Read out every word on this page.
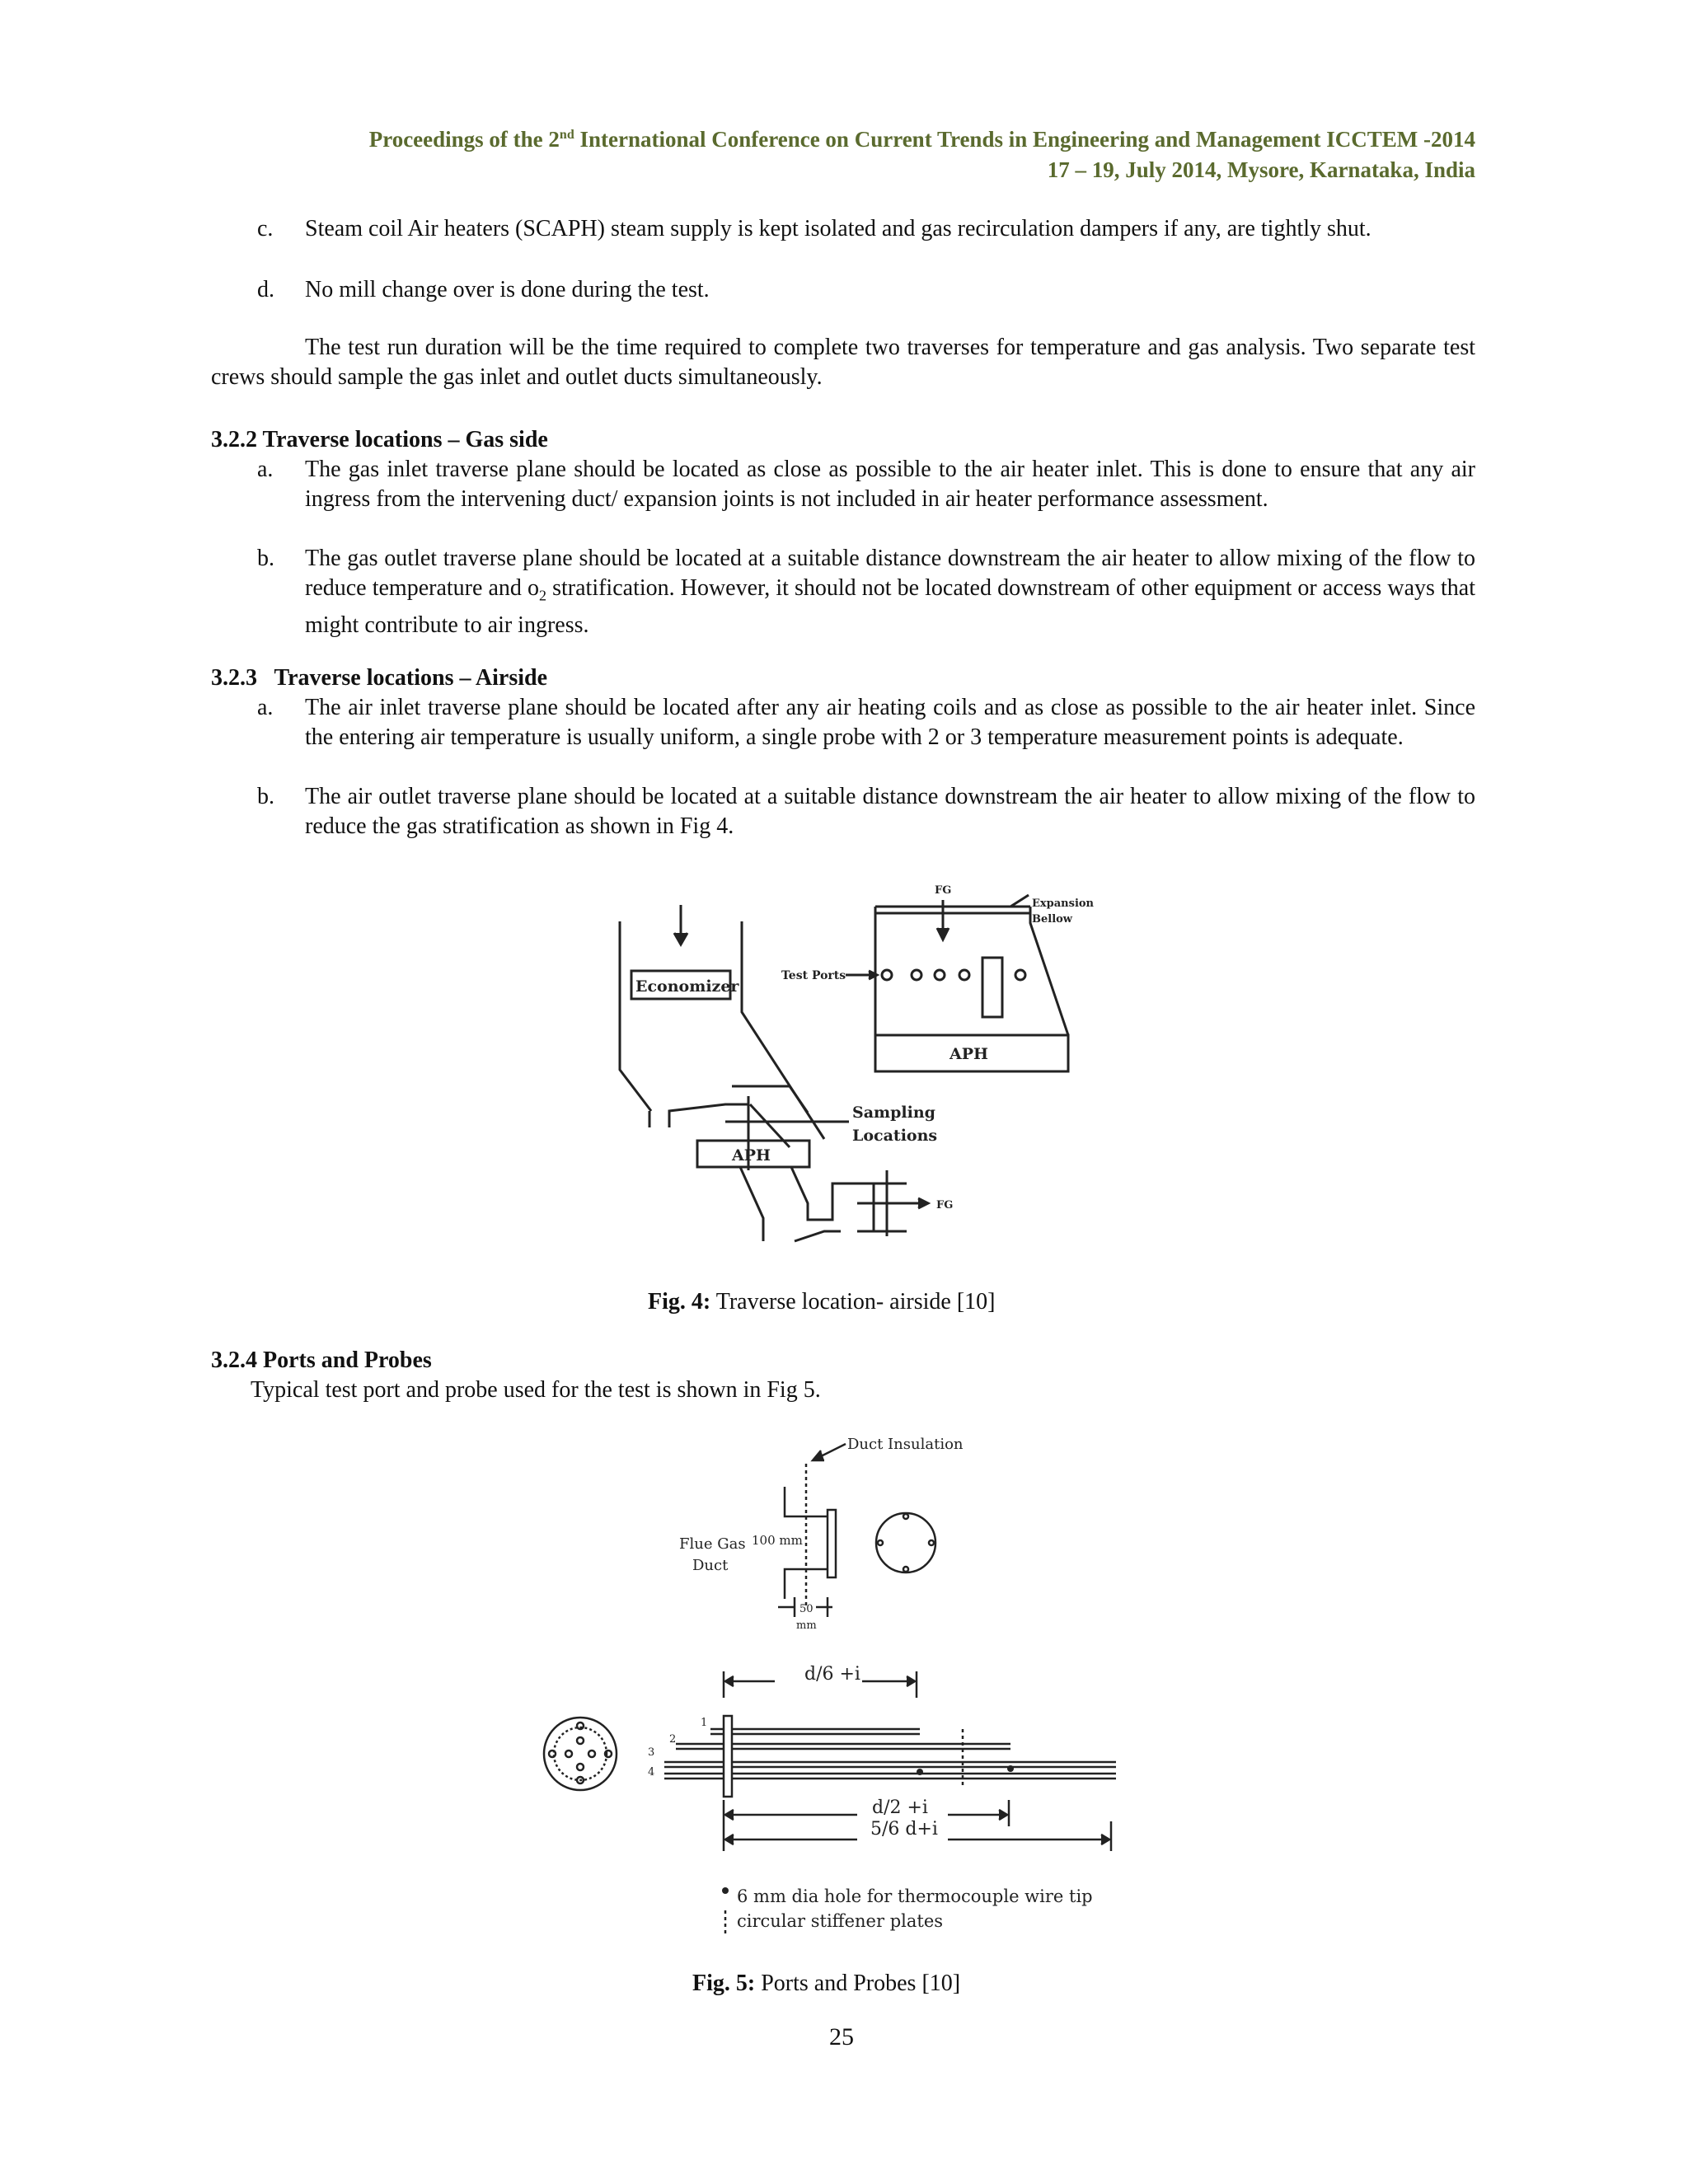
Proceedings of the 2nd International Conference on Current Trends in Engineering and Management ICCTEM -2014
17 – 19, July 2014, Mysore, Karnataka, India
c. Steam coil Air heaters (SCAPH) steam supply is kept isolated and gas recirculation dampers if any, are tightly shut.
d. No mill change over is done during the test.
The test run duration will be the time required to complete two traverses for temperature and gas analysis. Two separate test crews should sample the gas inlet and outlet ducts simultaneously.
3.2.2 Traverse locations – Gas side
a. The gas inlet traverse plane should be located as close as possible to the air heater inlet. This is done to ensure that any air ingress from the intervening duct/ expansion joints is not included in air heater performance assessment.
b. The gas outlet traverse plane should be located at a suitable distance downstream the air heater to allow mixing of the flow to reduce temperature and $o_2$ stratification. However, it should not be located downstream of other equipment or access ways that might contribute to air ingress.
3.2.3   Traverse locations – Airside
a. The air inlet traverse plane should be located after any air heating coils and as close as possible to the air heater inlet. Since the entering air temperature is usually uniform, a single probe with 2 or 3 temperature measurement points is adequate.
b. The air outlet traverse plane should be located at a suitable distance downstream the air heater to allow mixing of the flow to reduce the gas stratification as shown in Fig 4.
Economizer
FG
Expansion
Bellow
Test Ports
APH
Sampling
Locations
APH
FG
Fig. 4: Traverse location- airside [10]
3.2.4 Ports and Probes
Typical test port and probe used for the test is shown in Fig 5.
Duct Insulation
Flue Gas
Duct
100 mm
50
mm
1
2
3
4
d/6 +i
d/2 +i
5/6 d+i
6 mm dia hole for thermocouple wire tip
circular stiffener plates
Fig. 5: Ports and Probes [10]
25
